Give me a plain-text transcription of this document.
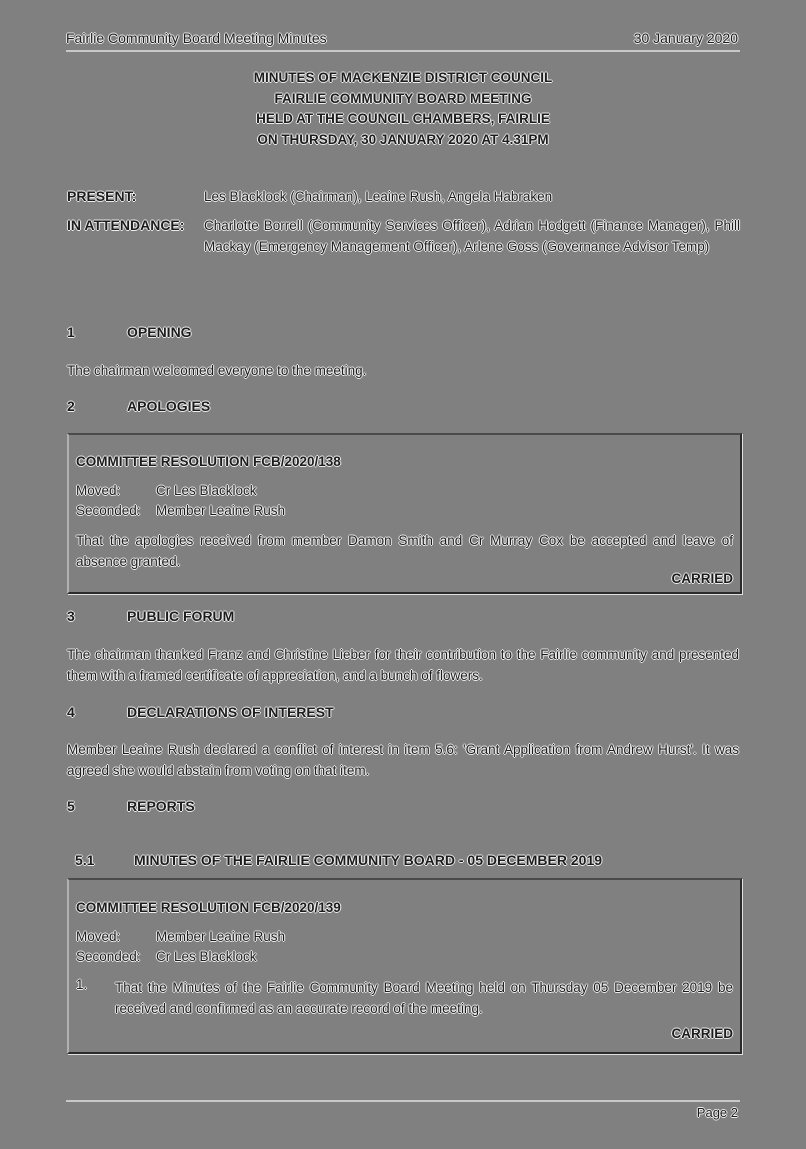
Fairlie Community Board Meeting Minutes	30 January 2020
MINUTES OF MACKENZIE DISTRICT COUNCIL
FAIRLIE COMMUNITY BOARD MEETING
HELD AT THE COUNCIL CHAMBERS, FAIRLIE
ON THURSDAY, 30 JANUARY 2020 AT 4.31PM
PRESENT:	Les Blacklock (Chairman), Leaine Rush, Angela Habraken
IN ATTENDANCE: Charlotte Borrell (Community Services Officer), Adrian Hodgett (Finance Manager), Phill Mackay (Emergency Management Officer), Arlene Goss (Governance Advisor Temp)
1	OPENING
The chairman welcomed everyone to the meeting.
2	APOLOGIES
COMMITTEE RESOLUTION FCB/2020/138
Moved:	Cr Les Blacklock
Seconded: Member Leaine Rush
That the apologies received from member Damon Smith and Cr Murray Cox be accepted and leave of absence granted.
CARRIED
3	PUBLIC FORUM
The chairman thanked Franz and Christine Lieber for their contribution to the Fairlie community and presented them with a framed certificate of appreciation, and a bunch of flowers.
4	DECLARATIONS OF INTEREST
Member Leaine Rush declared a conflict of interest in item 5.6: 'Grant Application from Andrew Hurst'. It was agreed she would abstain from voting on that item.
5	REPORTS
5.1	MINUTES OF THE FAIRLIE COMMUNITY BOARD - 05 DECEMBER 2019
COMMITTEE RESOLUTION FCB/2020/139
Moved:	Member Leaine Rush
Seconded: Cr Les Blacklock
1. That the Minutes of the Fairlie Community Board Meeting held on Thursday 05 December 2019 be received and confirmed as an accurate record of the meeting.
CARRIED
Page 2
